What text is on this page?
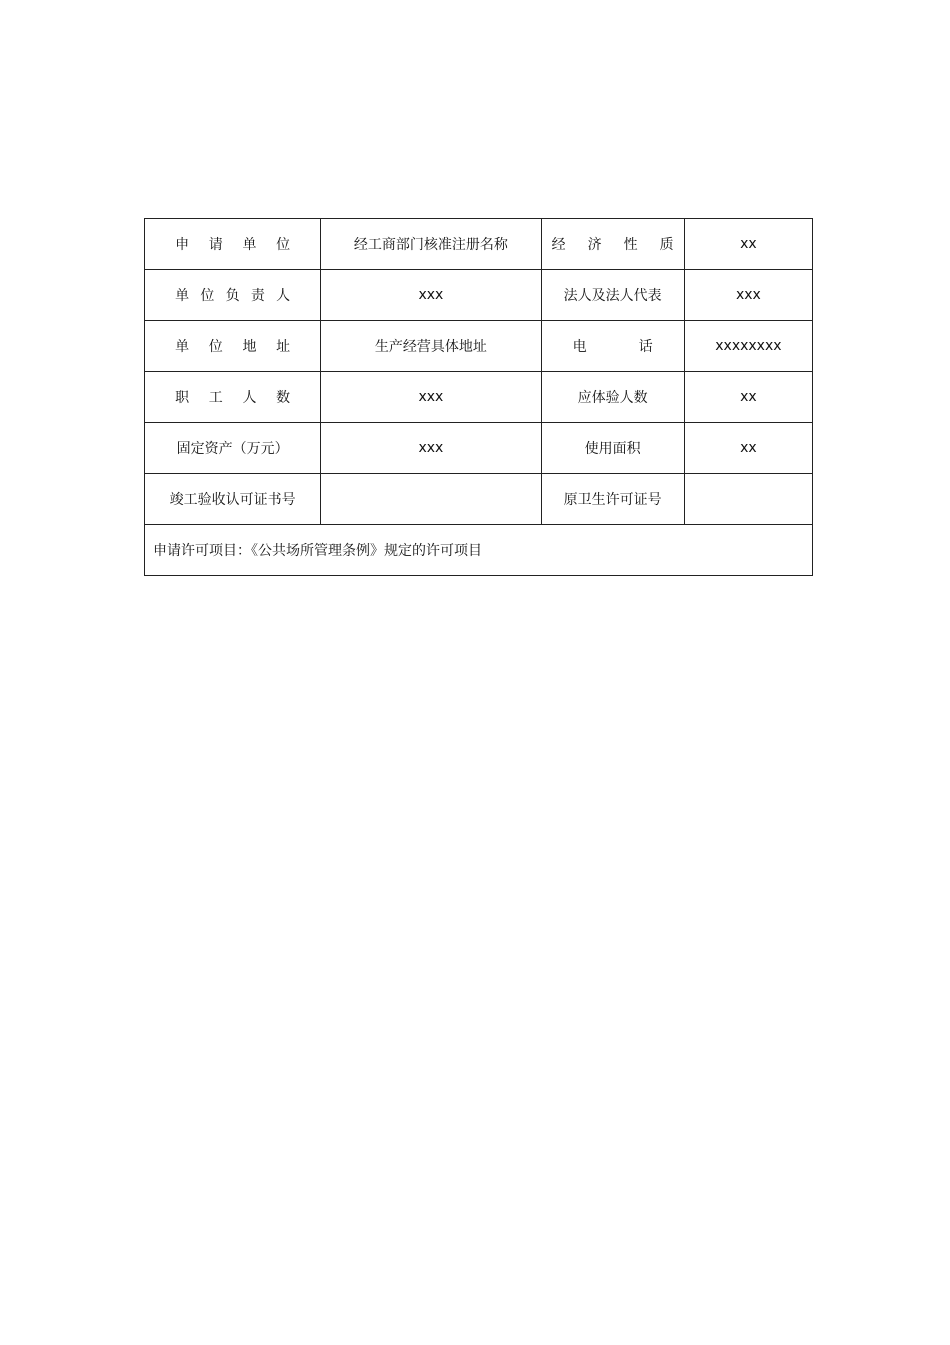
申 请 单 位	经工商部门核准注册名称	经 济 性 质	xx

单 位 负 责 人	xxx	法人及法人代表	xxx

单 位 地 址	生产经营具体地址	电 话	xxxxxxxx

职 工 人 数	xxx	应体验人数	xx
固定资产（万元）	xxx	使用面积	xx
竣工验收认可证书号		原卫生许可证号	
申请许可项目：《公共场所管理条例》规定的许可项目			
